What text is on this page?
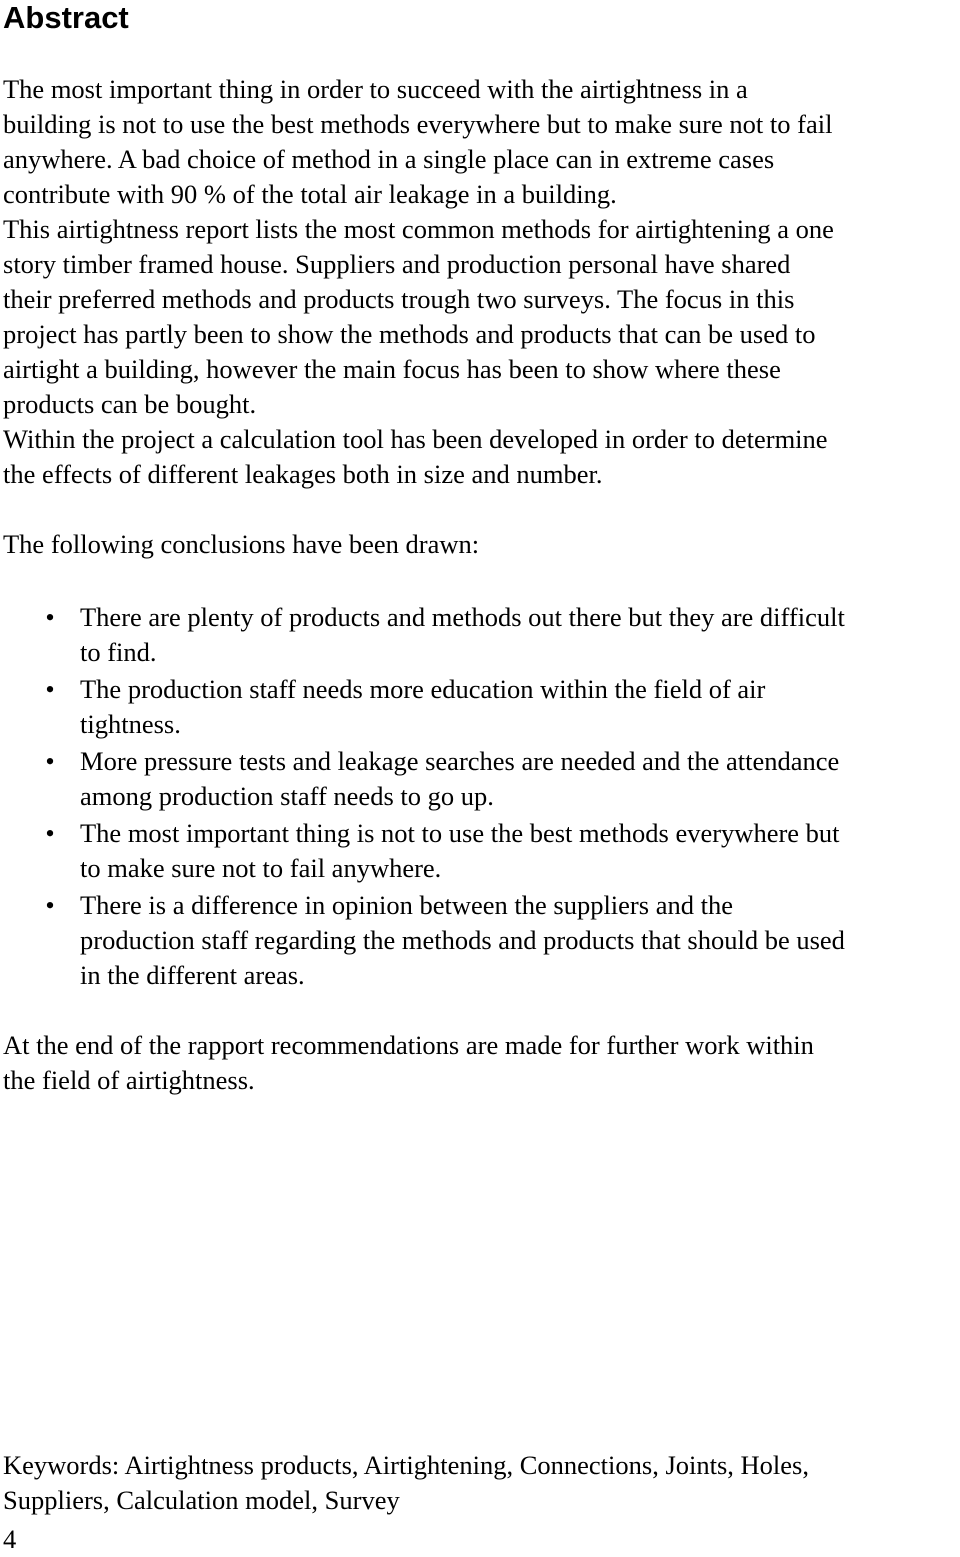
Abstract

The most important thing in order to succeed with the airtightness in a
building is not to use the best methods everywhere but to make sure not to fail
anywhere. A bad choice of method in a single place can in extreme cases
contribute with 90 % of the total air leakage in a building.
This airtightness report lists the most common methods for airtightening a one
story timber framed house. Suppliers and production personal have shared
their preferred methods and products trough two surveys. The focus in this
project has partly been to show the methods and products that can be used to
airtight a building, however the main focus has been to show where these
products can be bought.
Within the project a calculation tool has been developed in order to determine
the effects of different leakages both in size and number.

The following conclusions have been drawn:

• There are plenty of products and methods out there but they are difficult
to find.
• The production staff needs more education within the field of air
tightness.
• More pressure tests and leakage searches are needed and the attendance
among production staff needs to go up.
• The most important thing is not to use the best methods everywhere but
to make sure not to fail anywhere.
• There is a difference in opinion between the suppliers and the
production staff regarding the methods and products that should be used
in the different areas.

At the end of the rapport recommendations are made for further work within
the field of airtightness.

Keywords: Airtightness products, Airtightening, Connections, Joints, Holes,
Suppliers, Calculation model, Survey

4
